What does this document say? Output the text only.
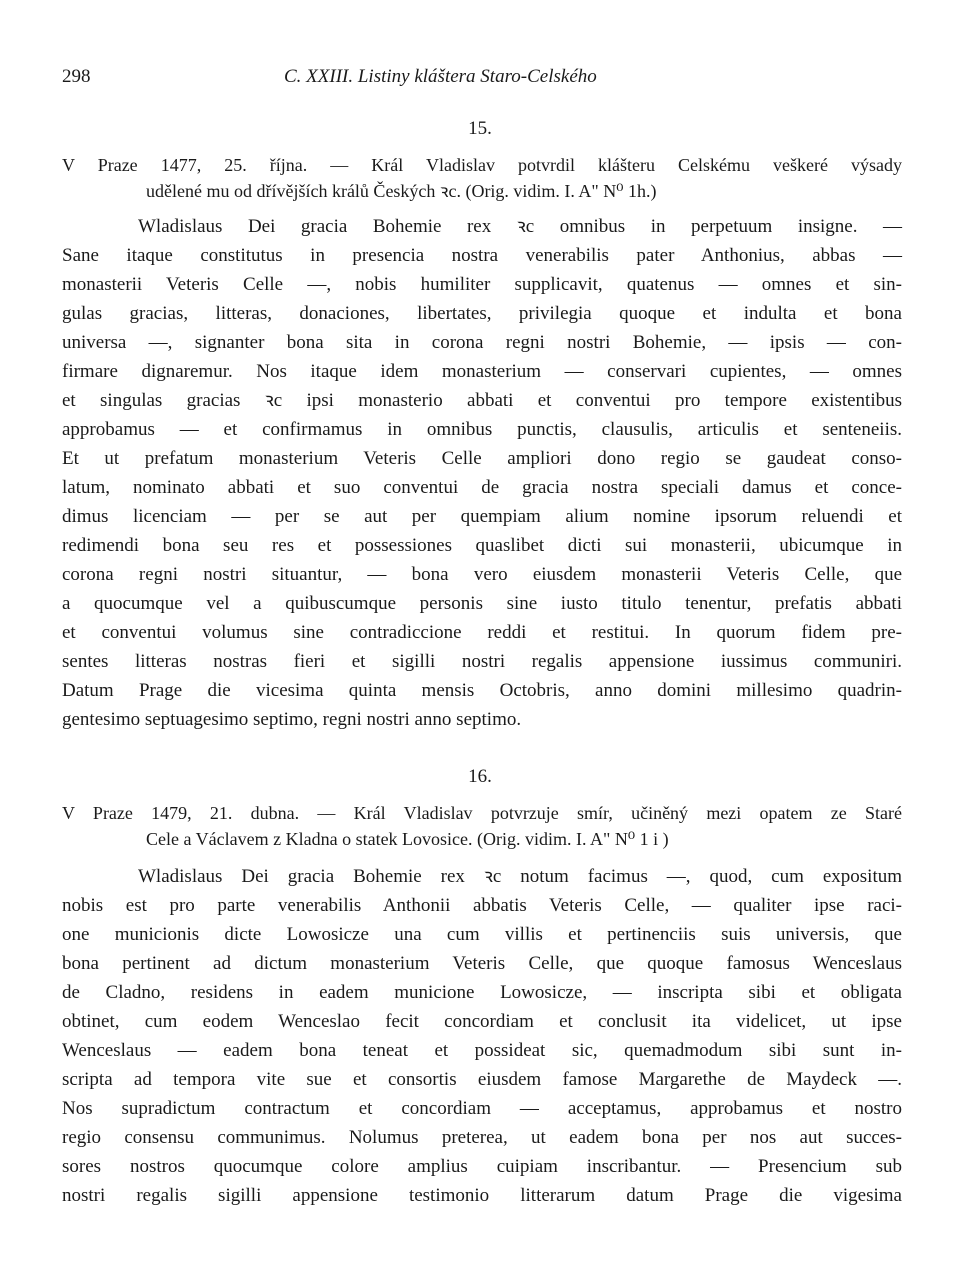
298	C. XXIII. Listiny kláštera Staro-Celského
15.
V Praze 1477, 25. října. — Král Vladislav potvrdil klášteru Celskému veškeré výsady
udělené mu od dřívějších králů Českých ꝛc. (Orig. vidim. I. A" N⁰ 1h.)
Wladislaus Dei gracia Bohemie rex ꝛc omnibus in perpetuum insigne. —
Sane itaque constitutus in presencia nostra venerabilis pater Anthonius, abbas —
monasterii Veteris Celle —, nobis humiliter supplicavit, quatenus — omnes et sin-
gulas gracias, litteras, donaciones, libertates, privilegia quoque et indulta et bona
universa —, signanter bona sita in corona regni nostri Bohemie, — ipsis — con-
firmare dignaremur. Nos itaque idem monasterium — conservari cupientes, — omnes
et singulas gracias ꝛc ipsi monasterio abbati et conventui pro tempore existentibus
approbamus — et confirmamus in omnibus punctis, clausulis, articulis et senteneiis.
Et ut prefatum monasterium Veteris Celle ampliori dono regio se gaudeat conso-
latum, nominato abbati et suo conventui de gracia nostra speciali damus et conce-
dimus licenciam — per se aut per quempiam alium nomine ipsorum reluendi et
redimendi bona seu res et possessiones quaslibet dicti sui monasterii, ubicumque in
corona regni nostri situantur, — bona vero eiusdem monasterii Veteris Celle, que
a quocumque vel a quibuscumque personis sine iusto titulo tenentur, prefatis abbati
et conventui volumus sine contradiccione reddi et restitui. In quorum fidem pre-
sentes litteras nostras fieri et sigilli nostri regalis appensione iussimus communiri.
Datum Prage die vicesima quinta mensis Octobris, anno domini millesimo quadrin-
gentesimo septuagesimo septimo, regni nostri anno septimo.
16.
V Praze 1479, 21. dubna. — Král Vladislav potvrzuje smír, učiněný mezi opatem ze Staré
Cele a Václavem z Kladna o statek Lovosice. (Orig. vidim. I. A" N⁰ 1 i )
Wladislaus Dei gracia Bohemie rex ꝛc notum facimus —, quod, cum expositum
nobis est pro parte venerabilis Anthonii abbatis Veteris Celle, — qualiter ipse raci-
one municionis dicte Lowosicze una cum villis et pertinenciis suis universis, que
bona pertinent ad dictum monasterium Veteris Celle, que quoque famosus Wenceslaus
de Cladno, residens in eadem municione Lowosicze, — inscripta sibi et obligata
obtinet, cum eodem Wenceslao fecit concordiam et conclusit ita videlicet, ut ipse
Wenceslaus — eadem bona teneat et possideat sic, quemadmodum sibi sunt in-
scripta ad tempora vite sue et consortis eiusdem famose Margarethe de Maydeck —.
Nos supradictum contractum et concordiam — acceptamus, approbamus et nostro
regio consensu communimus. Nolumus preterea, ut eadem bona per nos aut succes-
sores nostros quocumque colore amplius cuipiam inscribantur. — Presencium sub
nostri regalis sigilli appensione testimonio litterarum datum Prage die vigesima
